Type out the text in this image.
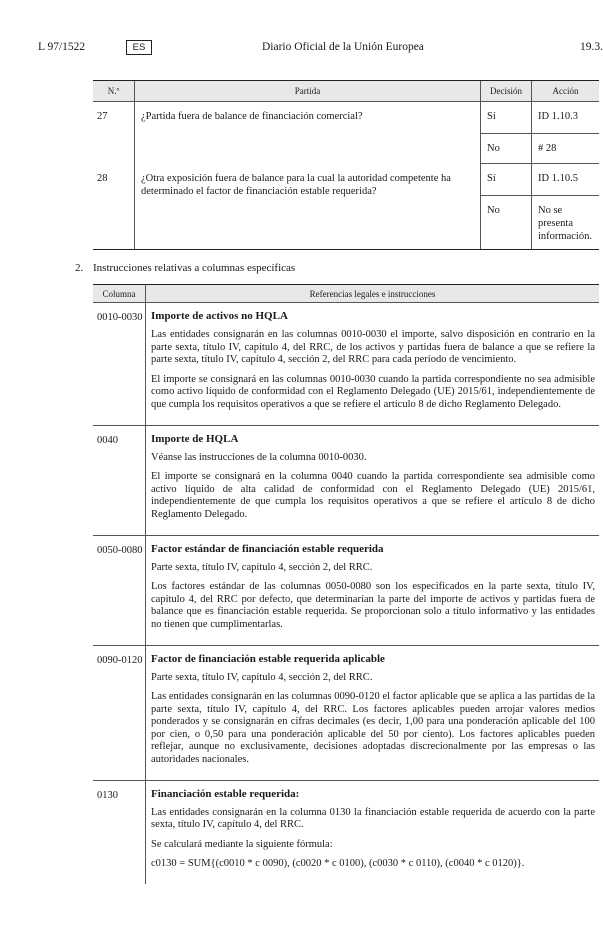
L 97/1522	ES	Diario Oficial de la Unión Europea	19.3.
N.º	Partida	Decisión	Acción
27	¿Partida fuera de balance de financiación comercial?	Sí	ID 1.10.3
		No	# 28
28	¿Otra exposición fuera de balance para la cual la autoridad competente ha determinado el factor de financiación estable requerida?	Sí	ID 1.10.5
		No	No se presenta información.
2. Instrucciones relativas a columnas específicas
Columna	Referencias legales e instrucciones
0010-0030	Importe de activos no HQLA

Las entidades consignarán en las columnas 0010-0030 el importe, salvo disposición en contrario en la parte sexta, título IV, capítulo 4, del RRC, de los activos y partidas fuera de balance a que se refiere la parte sexta, título IV, capítulo 4, sección 2, del RRC para cada período de vencimiento.

El importe se consignará en las columnas 0010-0030 cuando la partida correspondiente no sea admisible como activo líquido de conformidad con el Reglamento Delegado (UE) 2015/61, independientemente de que cumpla los requisitos operativos a que se refiere el artículo 8 de dicho Reglamento Delegado.

0040	Importe de HQLA

Véanse las instrucciones de la columna 0010-0030.

El importe se consignará en la columna 0040 cuando la partida correspondiente sea admisible como activo líquido de alta calidad de conformidad con el Reglamento Delegado (UE) 2015/61, independientemente de que cumpla los requisitos operativos a que se refiere el artículo 8 de dicho Reglamento Delegado.

0050-0080	Factor estándar de financiación estable requerida

Parte sexta, título IV, capítulo 4, sección 2, del RRC.

Los factores estándar de las columnas 0050-0080 son los especificados en la parte sexta, título IV, capítulo 4, del RRC por defecto, que determinarían la parte del importe de activos y partidas fuera de balance que es financiación estable requerida. Se proporcionan solo a título informativo y las entidades no tienen que cumplimentarlas.

0090-0120	Factor de financiación estable requerida aplicable

Parte sexta, título IV, capítulo 4, sección 2, del RRC.

Las entidades consignarán en las columnas 0090-0120 el factor aplicable que se aplica a las partidas de la parte sexta, título IV, capítulo 4, del RRC. Los factores aplicables pueden arrojar valores medios ponderados y se consignarán en cifras decimales (es decir, 1,00 para una ponderación aplicable del 100 por cien, o 0,50 para una ponderación aplicable del 50 por ciento). Los factores aplicables pueden reflejar, aunque no exclusivamente, decisiones adoptadas discrecionalmente por las empresas o las autoridades nacionales.

0130	Financiación estable requerida:

Las entidades consignarán en la columna 0130 la financiación estable requerida de acuerdo con la parte sexta, título IV, capítulo 4, del RRC.

Se calculará mediante la siguiente fórmula:

c0130 = SUM{(c0010 * c 0090), (c0020 * c 0100), (c0030 * c 0110), (c0040 * c 0120)}.
